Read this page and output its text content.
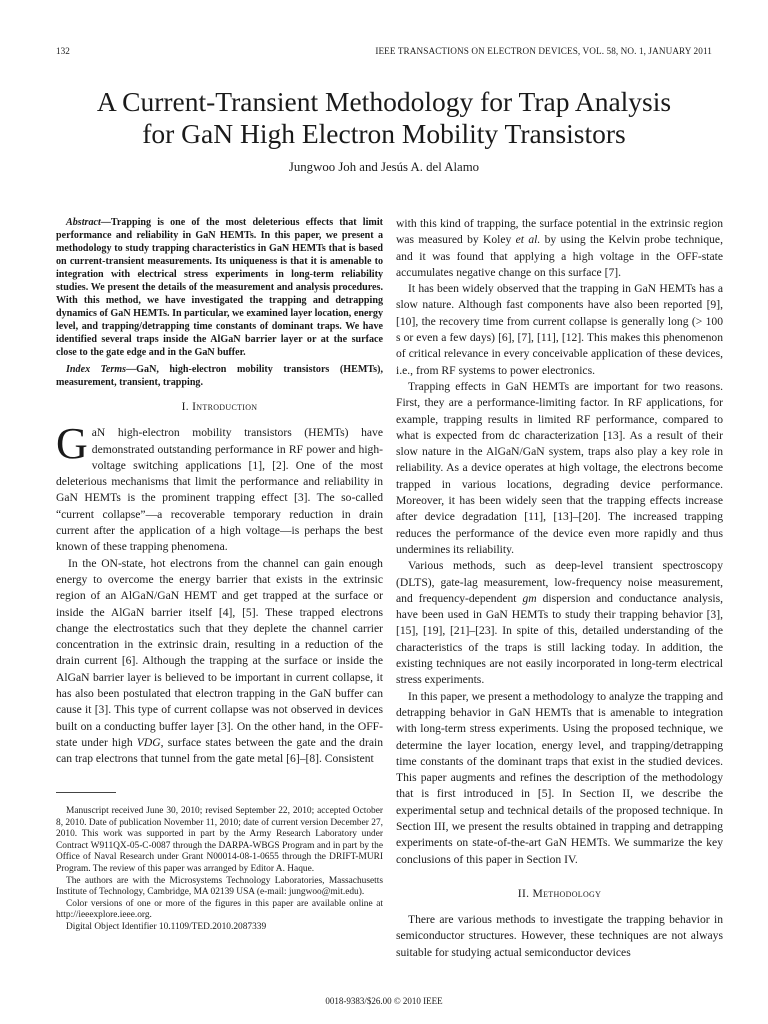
132	IEEE TRANSACTIONS ON ELECTRON DEVICES, VOL. 58, NO. 1, JANUARY 2011
A Current-Transient Methodology for Trap Analysis
for GaN High Electron Mobility Transistors
Jungwoo Joh and Jesús A. del Alamo

Abstract—Trapping is one of the most deleterious effects that limit performance and reliability in GaN HEMTs. In this paper, we present a methodology to study trapping characteristics in GaN HEMTs that is based on current-transient measurements. Its uniqueness is that it is amenable to integration with electrical stress experiments in long-term reliability studies. We present the details of the measurement and analysis procedures. With this method, we have investigated the trapping and detrapping dynamics of GaN HEMTs. In particular, we examined layer location, energy level, and trapping/detrapping time constants of dominant traps. We have identified several traps inside the AlGaN barrier layer or at the surface close to the gate edge and in the GaN buffer.

Index Terms—GaN, high-electron mobility transistors (HEMTs), measurement, transient, trapping.

I. Introduction

GaN high-electron mobility transistors (HEMTs) have demonstrated outstanding performance in RF power and high-voltage switching applications [1], [2]. One of the most deleterious mechanisms that limit the performance and reliability in GaN HEMTs is the prominent trapping effect [3]. The so-called “current collapse”—a recoverable temporary reduction in drain current after the application of a high voltage—is perhaps the best known of these trapping phenomena.

In the ON-state, hot electrons from the channel can gain enough energy to overcome the energy barrier that exists in the extrinsic region of an AlGaN/GaN HEMT and get trapped at the surface or inside the AlGaN barrier itself [4], [5]. These trapped electrons change the electrostatics such that they deplete the channel carrier concentration in the extrinsic drain, resulting in a reduction of the drain current [6]. Although the trapping at the surface or inside the AlGaN barrier layer is believed to be important in current collapse, it has also been postulated that electron trapping in the GaN buffer can cause it [3]. This type of current collapse was not observed in devices built on a conducting buffer layer [3]. On the other hand, in the OFF-state under high VDG, surface states between the gate and the drain can trap electrons that tunnel from the gate metal [6]–[8]. Consistent

with this kind of trapping, the surface potential in the extrinsic region was measured by Koley et al. by using the Kelvin probe technique, and it was found that applying a high voltage in the OFF-state accumulates negative change on this surface [7].

It has been widely observed that the trapping in GaN HEMTs has a slow nature. Although fast components have also been reported [9], [10], the recovery time from current collapse is generally long (> 100 s or even a few days) [6], [7], [11], [12]. This makes this phenomenon of critical relevance in every conceivable application of these devices, i.e., from RF systems to power electronics.

Trapping effects in GaN HEMTs are important for two reasons. First, they are a performance-limiting factor. In RF applications, for example, trapping results in limited RF performance, compared to what is expected from dc characterization [13]. As a result of their slow nature in the AlGaN/GaN system, traps also play a key role in reliability. As a device operates at high voltage, the electrons become trapped in various locations, degrading device performance. Moreover, it has been widely seen that the trapping effects increase after device degradation [11], [13]–[20]. The increased trapping reduces the performance of the device even more rapidly and thus undermines its reliability.

Various methods, such as deep-level transient spectroscopy (DLTS), gate-lag measurement, low-frequency noise measurement, and frequency-dependent gm dispersion and conductance analysis, have been used in GaN HEMTs to study their trapping behavior [3], [15], [19], [21]–[23]. In spite of this, detailed understanding of the characteristics of the traps is still lacking today. In addition, the existing techniques are not easily incorporated in long-term electrical stress experiments.

In this paper, we present a methodology to analyze the trapping and detrapping behavior in GaN HEMTs that is amenable to integration with long-term stress experiments. Using the proposed technique, we determine the layer location, energy level, and trapping/detrapping time constants of the dominant traps that exist in the studied devices. This paper augments and refines the description of the methodology that is first introduced in [5]. In Section II, we describe the experimental setup and technical details of the proposed technique. In Section III, we present the results obtained in trapping and detrapping experiments on state-of-the-art GaN HEMTs. We summarize the key conclusions of this paper in Section IV.

II. Methodology

There are various methods to investigate the trapping behavior in semiconductor structures. However, these techniques are not always suitable for studying actual semiconductor devices

Manuscript received June 30, 2010; revised September 22, 2010; accepted October 8, 2010. Date of publication November 11, 2010; date of current version December 27, 2010. This work was supported in part by the Army Research Laboratory under Contract W911QX-05-C-0087 through the DARPA-WBGS Program and in part by the Office of Naval Research under Grant N00014-08-1-0655 through the DRIFT-MURI Program. The review of this paper was arranged by Editor A. Haque.

The authors are with the Microsystems Technology Laboratories, Massachusetts Institute of Technology, Cambridge, MA 02139 USA (e-mail: jungwoo@mit.edu).

Color versions of one or more of the figures in this paper are available online at http://ieeexplore.ieee.org.

Digital Object Identifier 10.1109/TED.2010.2087339

0018-9383/$26.00 © 2010 IEEE
